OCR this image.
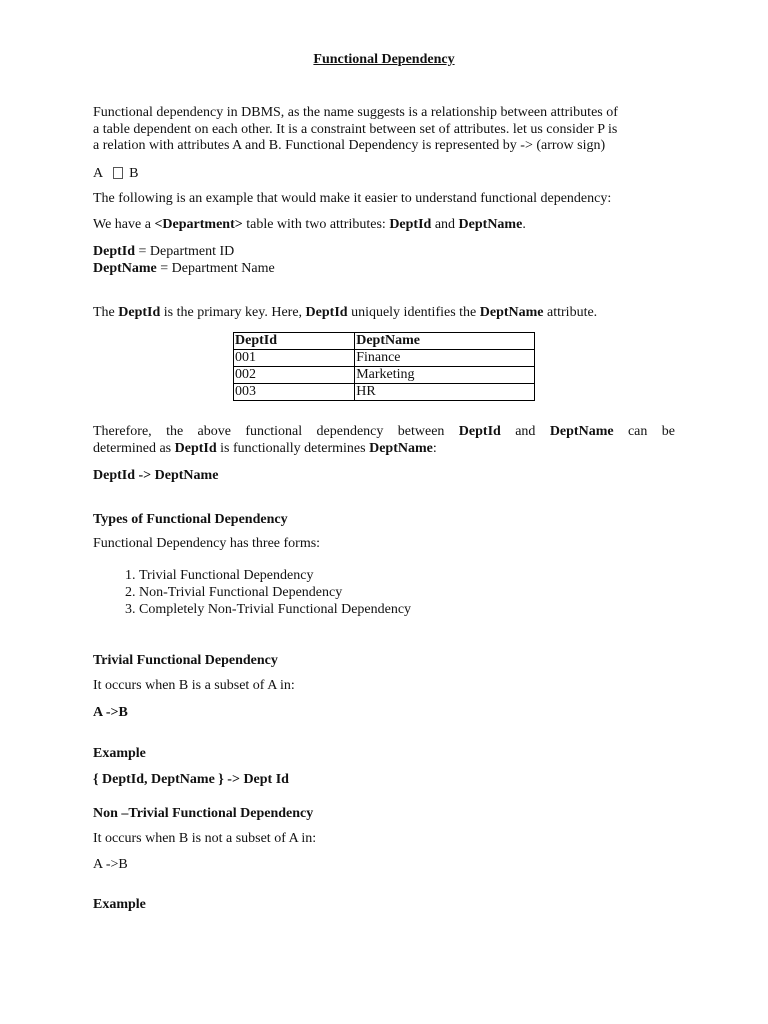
Functional Dependency
Functional dependency in DBMS, as the name suggests is a relationship between attributes of
a table dependent on each other. It is a constraint between set of attributes. let us consider P is
a relation with attributes A and B. Functional Dependency is represented by -> (arrow sign)
A B
The following is an example that would make it easier to understand functional dependency:
We have a <Department> table with two attributes: DeptId and DeptName.
DeptId = Department ID
DeptName = Department Name
The DeptId is the primary key. Here, DeptId uniquely identifies the DeptName attribute.
DeptId	DeptName
001	Finance
002	Marketing
003	HR
Therefore, the above functional dependency between DeptId and DeptName can be
determined as DeptId is functionally determines DeptName:
DeptId -> DeptName
Types of Functional Dependency
Functional Dependency has three forms:
1. Trivial Functional Dependency
2. Non-Trivial Functional Dependency
3. Completely Non-Trivial Functional Dependency
Trivial Functional Dependency
It occurs when B is a subset of A in:
A ->B
Example
{ DeptId, DeptName } -> Dept Id
Non –Trivial Functional Dependency
It occurs when B is not a subset of A in:
A ->B
Example
